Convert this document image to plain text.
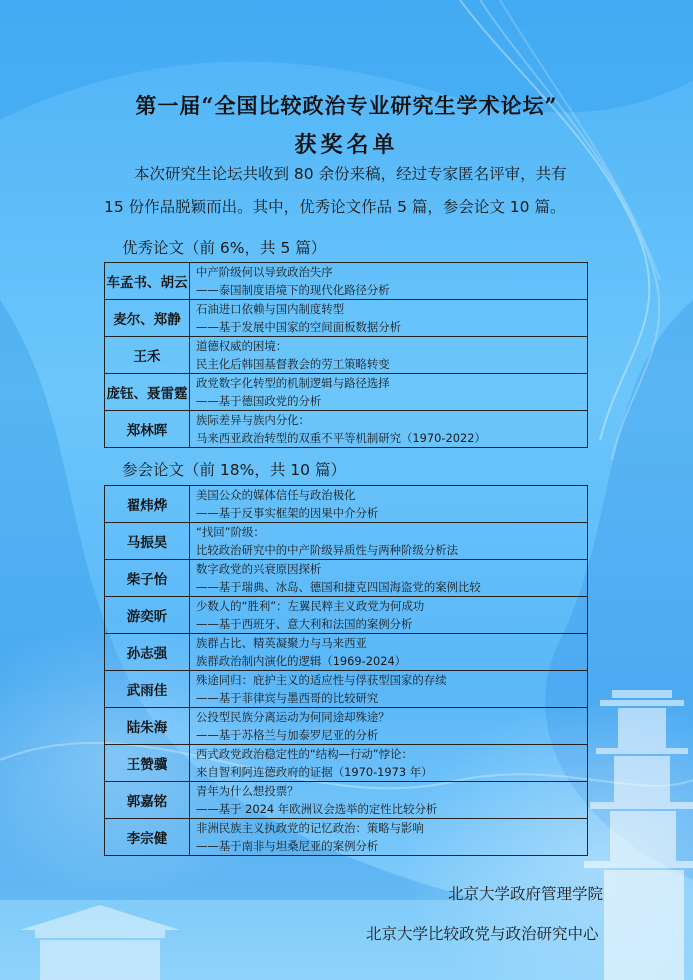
第一届“全国比较政治专业研究生学术论坛”
获奖名单

本次研究生论坛共收到 80 余份来稿，经过专家匿名评审，共有

15 份作品脱颖而出。其中，优秀论文作品 5 篇，参会论文 10 篇。

优秀论文（前 6%，共 5 篇）
车孟书、胡云	中产阶级何以导致政治失序
——泰国制度语境下的现代化路径分析

麦尔、郑静	石油进口依赖与国内制度转型
——基于发展中国家的空间面板数据分析

王禾	道德权威的困境：
民主化后韩国基督教会的劳工策略转变

庞钰、聂雷霆	政党数字化转型的机制逻辑与路径选择
——基于德国政党的分析

郑林晖	族际差异与族内分化：
马来西亚政治转型的双重不平等机制研究（1970-2022）
参会论文（前 18%，共 10 篇）
翟炜烨	美国公众的媒体信任与政治极化
——基于反事实框架的因果中介分析

马振昊	“找回”阶级：
比较政治研究中的中产阶级异质性与两种阶级分析法

柴子怡	数字政党的兴衰原因探析
——基于瑞典、冰岛、德国和捷克四国海盗党的案例比较

游奕昕	少数人的“胜利”：左翼民粹主义政党为何成功
——基于西班牙、意大利和法国的案例分析

孙志强	族群占比、精英凝聚力与马来西亚
族群政治制内演化的逻辑（1969-2024）

武雨佳	殊途同归：庇护主义的适应性与俘获型国家的存续
——基于菲律宾与墨西哥的比较研究

陆朱海	公投型民族分离运动为何同途却殊途？
——基于苏格兰与加泰罗尼亚的分析

王赞骥	西式政党政治稳定性的“结构—行动”悖论：
来自智利阿连德政府的证据（1970-1973 年）

郭嘉铭	青年为什么想投票？
——基于 2024 年欧洲议会选举的定性比较分析

李宗健	非洲民族主义执政党的记忆政治：策略与影响
——基于南非与坦桑尼亚的案例分析
北京大学政府管理学院
北京大学比较政党与政治研究中心
